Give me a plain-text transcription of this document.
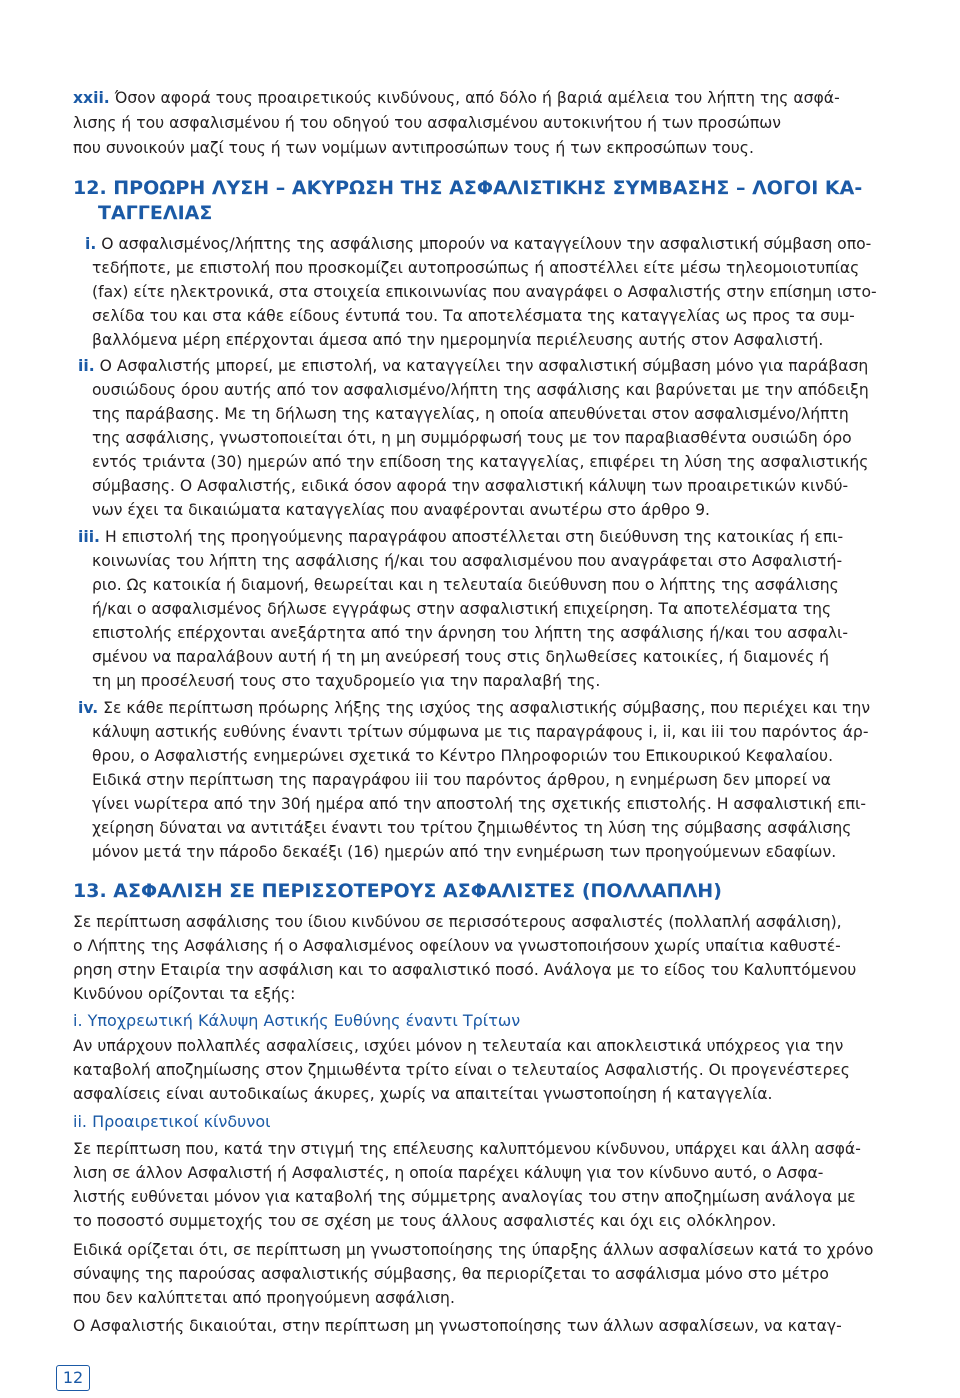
xxii. Όσον αφορά τους προαιρετικούς κινδύνους, από δόλο ή βαριά αμέλεια του λήπτη της ασφά-
λισης ή του ασφαλισμένου ή του οδηγού του ασφαλισμένου αυτοκινήτου ή των προσώπων
που συνοικούν μαζί τους ή των νομίμων αντιπροσώπων τους ή των εκπροσώπων τους.
12. ΠΡΟΩΡΗ ΛΥΣΗ – ΑΚΥΡΩΣΗ ΤΗΣ ΑΣΦΑΛΙΣΤΙΚΗΣ ΣΥΜΒΑΣΗΣ – ΛΟΓΟΙ ΚΑ-
ΤΑΓΓΕΛΙΑΣ
i. Ο ασφαλισμένος/λήπτης της ασφάλισης μπορούν να καταγγείλουν την ασφαλιστική σύμβαση οπο-
τεδήποτε, με επιστολή που προσκομίζει αυτοπροσώπως ή αποστέλλει είτε μέσω τηλεομοιοτυπίας
(fax) είτε ηλεκτρονικά, στα στοιχεία επικοινωνίας που αναγράφει ο Ασφαλιστής στην επίσημη ιστο-
σελίδα του και στα κάθε είδους έντυπά του. Τα αποτελέσματα της καταγγελίας ως προς τα συμ-
βαλλόμενα μέρη επέρχονται άμεσα από την ημερομηνία περιέλευσης αυτής στον Ασφαλιστή.
ii. Ο Ασφαλιστής μπορεί, με επιστολή, να καταγγείλει την ασφαλιστική σύμβαση μόνο για παράβαση
ουσιώδους όρου αυτής από τον ασφαλισμένο/λήπτη της ασφάλισης και βαρύνεται με την απόδειξη
της παράβασης. Με τη δήλωση της καταγγελίας, η οποία απευθύνεται στον ασφαλισμένο/λήπτη
της ασφάλισης, γνωστοποιείται ότι, η μη συμμόρφωσή τους με τον παραβιασθέντα ουσιώδη όρο
εντός τριάντα (30) ημερών από την επίδοση της καταγγελίας, επιφέρει τη λύση της ασφαλιστικής
σύμβασης. Ο Ασφαλιστής, ειδικά όσον αφορά την ασφαλιστική κάλυψη των προαιρετικών κινδύ-
νων έχει τα δικαιώματα καταγγελίας που αναφέρονται ανωτέρω στο άρθρο 9.
iii. Η επιστολή της προηγούμενης παραγράφου αποστέλλεται στη διεύθυνση της κατοικίας ή επι-
κοινωνίας του λήπτη της ασφάλισης ή/και του ασφαλισμένου που αναγράφεται στο Ασφαλιστή-
ριο. Ως κατοικία ή διαμονή, θεωρείται και η τελευταία διεύθυνση που ο λήπτης της ασφάλισης
ή/και ο ασφαλισμένος δήλωσε εγγράφως στην ασφαλιστική επιχείρηση. Τα αποτελέσματα της
επιστολής επέρχονται ανεξάρτητα από την άρνηση του λήπτη της ασφάλισης ή/και του ασφαλι-
σμένου να παραλάβουν αυτή ή τη μη ανεύρεσή τους στις δηλωθείσες κατοικίες, ή διαμονές ή
τη μη προσέλευσή τους στο ταχυδρομείο για την παραλαβή της.
iv. Σε κάθε περίπτωση πρόωρης λήξης της ισχύος της ασφαλιστικής σύμβασης, που περιέχει και την
κάλυψη αστικής ευθύνης έναντι τρίτων σύμφωνα με τις παραγράφους i, ii, και iii του παρόντος άρ-
θρου, ο Ασφαλιστής ενημερώνει σχετικά το Κέντρο Πληροφοριών του Επικουρικού Κεφαλαίου.
Ειδικά στην περίπτωση της παραγράφου iii του παρόντος άρθρου, η ενημέρωση δεν μπορεί να
γίνει νωρίτερα από την 30ή ημέρα από την αποστολή της σχετικής επιστολής. Η ασφαλιστική επι-
χείρηση δύναται να αντιτάξει έναντι του τρίτου ζημιωθέντος τη λύση της σύμβασης ασφάλισης
μόνον μετά την πάροδο δεκαέξι (16) ημερών από την ενημέρωση των προηγούμενων εδαφίων.
13. ΑΣΦΑΛΙΣΗ ΣΕ ΠΕΡΙΣΣΟΤΕΡΟΥΣ ΑΣΦΑΛΙΣΤΕΣ (ΠΟΛΛΑΠΛΗ)
Σε περίπτωση ασφάλισης του ίδιου κινδύνου σε περισσότερους ασφαλιστές (πολλαπλή ασφάλιση),
ο Λήπτης της Ασφάλισης ή ο Ασφαλισμένος οφείλουν να γνωστοποιήσουν χωρίς υπαίτια καθυστέ-
ρηση στην Εταιρία την ασφάλιση και το ασφαλιστικό ποσό. Ανάλογα με το είδος του Καλυπτόμενου
Κινδύνου ορίζονται τα εξής:
i. Υποχρεωτική Κάλυψη Αστικής Ευθύνης έναντι Τρίτων
Αν υπάρχουν πολλαπλές ασφαλίσεις, ισχύει μόνον η τελευταία και αποκλειστικά υπόχρεος για την
καταβολή αποζημίωσης στον ζημιωθέντα τρίτο είναι ο τελευταίος Ασφαλιστής. Οι προγενέστερες
ασφαλίσεις είναι αυτοδικαίως άκυρες, χωρίς να απαιτείται γνωστοποίηση ή καταγγελία.
ii. Προαιρετικοί κίνδυνοι
Σε περίπτωση που, κατά την στιγμή της επέλευσης καλυπτόμενου κίνδυνου, υπάρχει και άλλη ασφά-
λιση σε άλλον Ασφαλιστή ή Ασφαλιστές, η οποία παρέχει κάλυψη για τον κίνδυνο αυτό, ο Ασφα-
λιστής ευθύνεται μόνον για καταβολή της σύμμετρης αναλογίας του στην αποζημίωση ανάλογα με
το ποσοστό συμμετοχής του σε σχέση με τους άλλους ασφαλιστές και όχι εις ολόκληρον.
Ειδικά ορίζεται ότι, σε περίπτωση μη γνωστοποίησης της ύπαρξης άλλων ασφαλίσεων κατά το χρόνο
σύναψης της παρούσας ασφαλιστικής σύμβασης, θα περιορίζεται το ασφάλισμα μόνο στο μέτρο
που δεν καλύπτεται από προηγούμενη ασφάλιση.
Ο Ασφαλιστής δικαιούται, στην περίπτωση μη γνωστοποίησης των άλλων ασφαλίσεων, να καταγ-
12
